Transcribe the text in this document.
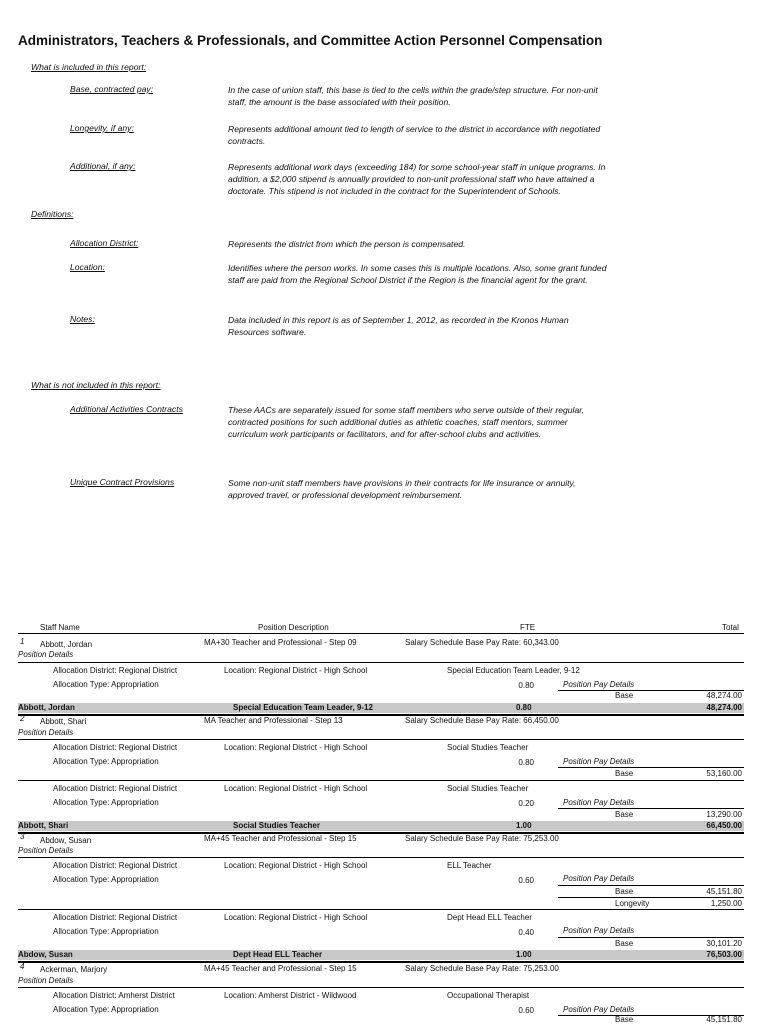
Administrators, Teachers & Professionals, and Committee Action Personnel Compensation
What is included in this report:
Base, contracted pay:	In the case of union staff, this base is tied to the cells within the grade/step structure. For non-unit staff, the amount is the base associated with their position.
Longevity, if any:	Represents additional amount tied to length of service to the district in accordance with negotiated contracts.
Additional, if any:	Represents additional work days (exceeding 184) for some school-year staff in unique programs. In addition, a $2,000 stipend is annually provided to non-unit professional staff who have attained a doctorate. This stipend is not included in the contract for the Superintendent of Schools.
Definitions:
Allocation District:	Represents the district from which the person is compensated.
Location:	Identifies where the person works. In some cases this is multiple locations. Also, some grant funded staff are paid from the Regional School District if the Region is the financial agent for the grant.
Notes:	Data included in this report is as of September 1, 2012, as recorded in the Kronos Human Resources software.
What is not included in this report:
Additional Activities Contracts	These AACs are separately issued for some staff members who serve outside of their regular, contracted positions for such additional duties as athletic coaches, staff mentors, summer curriculum work participants or facilitators, and for after-school clubs and activities.
Unique Contract Provisions	Some non-unit staff members have provisions in their contracts for life insurance or annuity, approved travel, or professional development reimbursement.
Staff Name	Position Description	FTE	Total
1 Abbott, Jordan	MA+30 Teacher and Professional - Step 09	Salary Schedule Base Pay Rate: 60,343.00
Position Details
Allocation District: Regional District	Location: Regional District - High School	Special Education Team Leader, 9-12
Allocation Type: Appropriation	0.80	Position Pay Details
Base	48,274.00
Abbott, Jordan	Special Education Team Leader, 9-12	0.80	48,274.00
2 Abbott, Shari	MA Teacher and Professional - Step 13	Salary Schedule Base Pay Rate: 66,450.00
Position Details
Allocation District: Regional District	Location: Regional District - High School	Social Studies Teacher
Allocation Type: Appropriation	0.80	Position Pay Details
Base	53,160.00
Allocation District: Regional District	Location: Regional District - High School	Social Studies Teacher
Allocation Type: Appropriation	0.20	Position Pay Details
Base	13,290.00
Abbott, Shari	Social Studies Teacher	1.00	66,450.00
3 Abdow, Susan	MA+45 Teacher and Professional - Step 15	Salary Schedule Base Pay Rate: 75,253.00
Position Details
Allocation District: Regional District	Location: Regional District - High School	ELL Teacher
Allocation Type: Appropriation	0.60	Position Pay Details
Base	45,151.80
Longevity	1,250.00
Allocation District: Regional District	Location: Regional District - High School	Dept Head ELL Teacher
Allocation Type: Appropriation	0.40	Position Pay Details
Base	30,101.20
Abdow, Susan	Dept Head ELL Teacher	1.00	76,503.00
4 Ackerman, Marjory	MA+45 Teacher and Professional - Step 15	Salary Schedule Base Pay Rate: 75,253.00
Position Details
Allocation District: Amherst District	Location: Amherst District - Wildwood	Occupational Therapist
Allocation Type: Appropriation	0.60	Position Pay Details
Base	45,151.80
